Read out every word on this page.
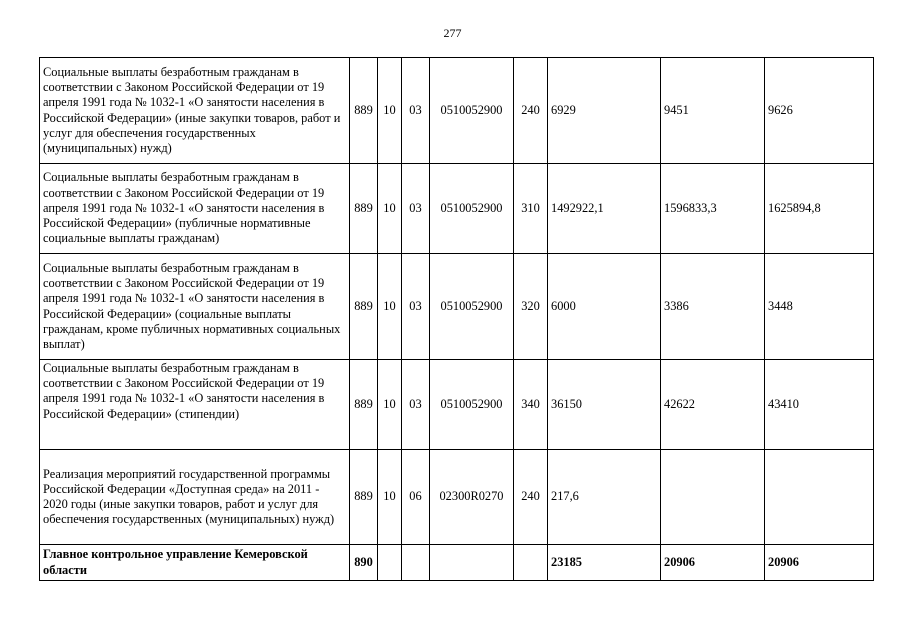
277
Социальные выплаты безработным гражданам в соответствии с Законом Российской Федерации от 19 апреля 1991 года № 1032-1 «О занятости населения в Российской Федерации» (иные закупки товаров, работ и услуг для обеспечения государственных (муниципальных) нужд)	889	10	03	0510052900	240	6929	9451	9626
Социальные выплаты безработным гражданам в соответствии с Законом Российской Федерации от 19 апреля 1991 года № 1032-1 «О занятости населения в Российской Федерации» (публичные нормативные социальные выплаты гражданам)	889	10	03	0510052900	310	1492922,1	1596833,3	1625894,8
Социальные выплаты безработным гражданам в соответствии с Законом Российской Федерации от 19 апреля 1991 года № 1032-1 «О занятости населения в Российской Федерации» (социальные выплаты гражданам, кроме публичных нормативных социальных выплат)	889	10	03	0510052900	320	6000	3386	3448
Социальные выплаты безработным гражданам в соответствии с Законом Российской Федерации от 19 апреля 1991 года № 1032-1 «О занятости населения в Российской Федерации» (стипендии)	889	10	03	0510052900	340	36150	42622	43410
Реализация мероприятий государственной программы Российской Федерации «Доступная среда» на 2011 - 2020 годы (иные закупки товаров, работ и услуг для обеспечения государственных (муниципальных) нужд)	889	10	06	02300R0270	240	217,6		
Главное контрольное управление Кемеровской области	890					23185	20906	20906
